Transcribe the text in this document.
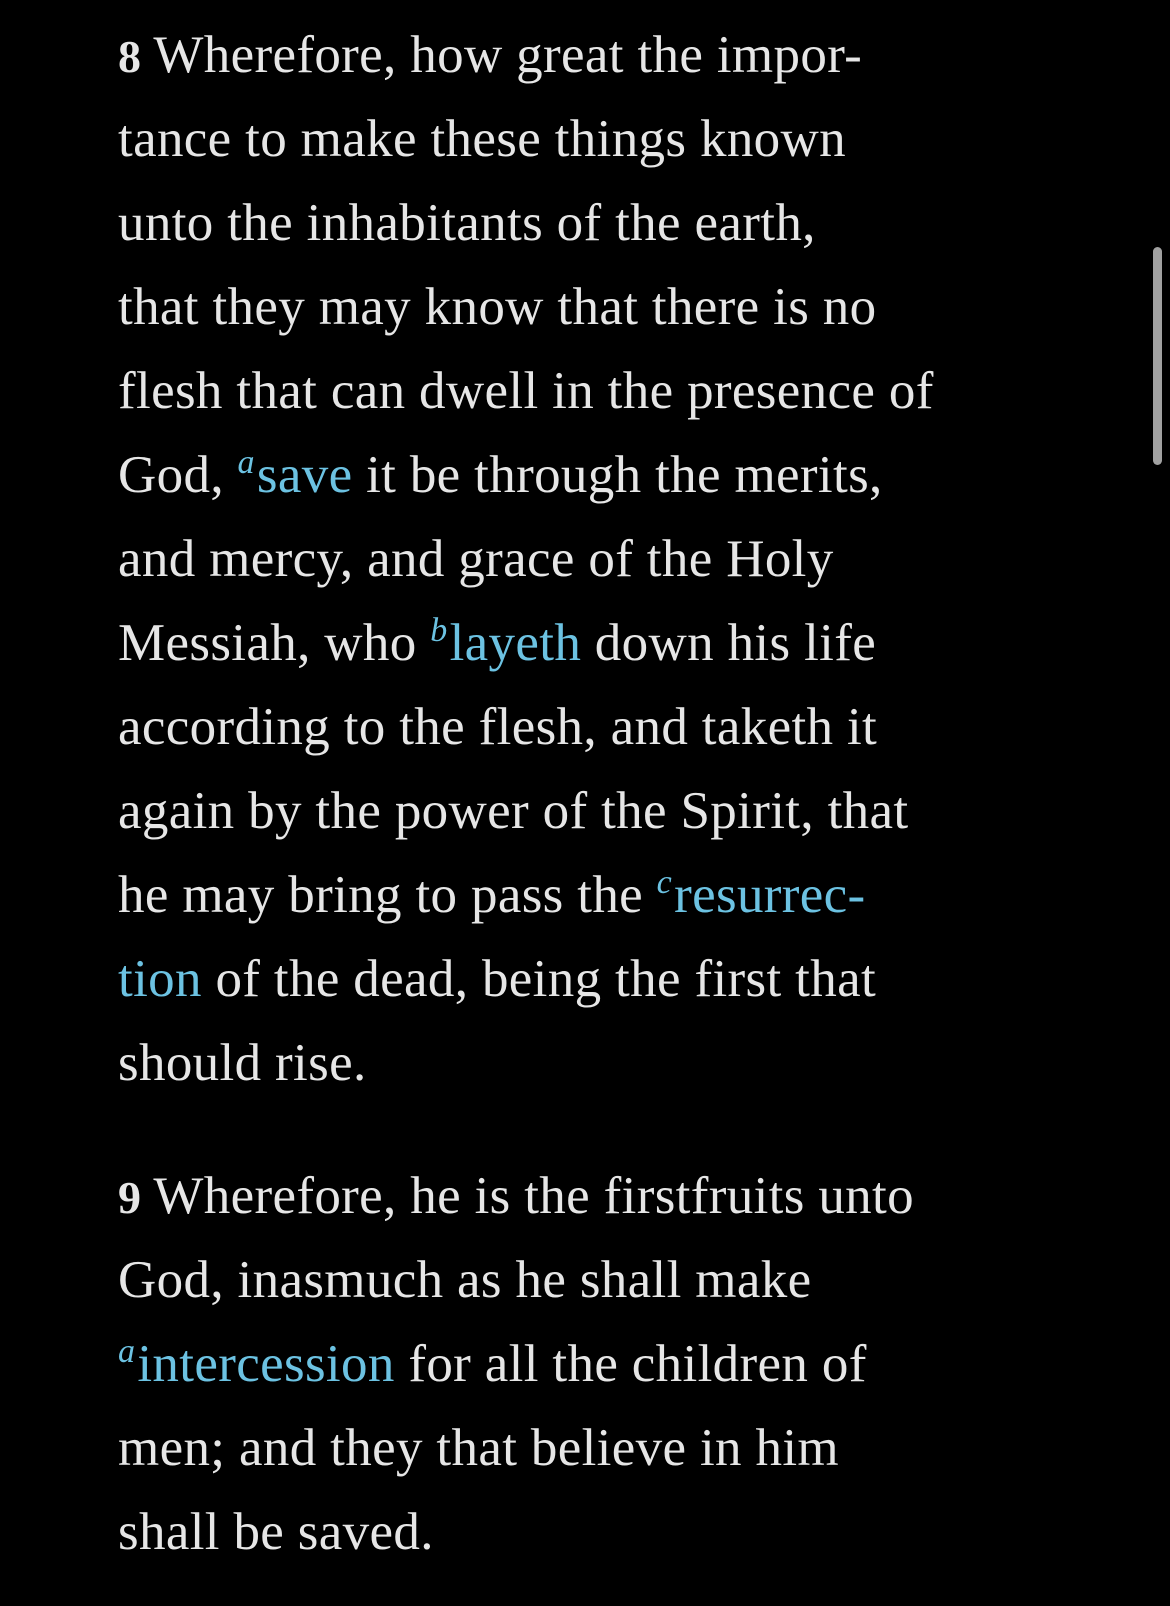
8 Wherefore, how great the impor-
tance to make these things known
unto the inhabitants of the earth,
that they may know that there is no
flesh that can dwell in the presence of
God, $^a$save it be through the merits,
and mercy, and grace of the Holy
Messiah, who $^b$layeth down his life
according to the flesh, and taketh it
again by the power of the Spirit, that
he may bring to pass the $^c$resurrec-
tion of the dead, being the first that
should rise.

9 Wherefore, he is the firstfruits unto
God, inasmuch as he shall make
$^a$intercession for all the children of
men; and they that believe in him
shall be saved.
